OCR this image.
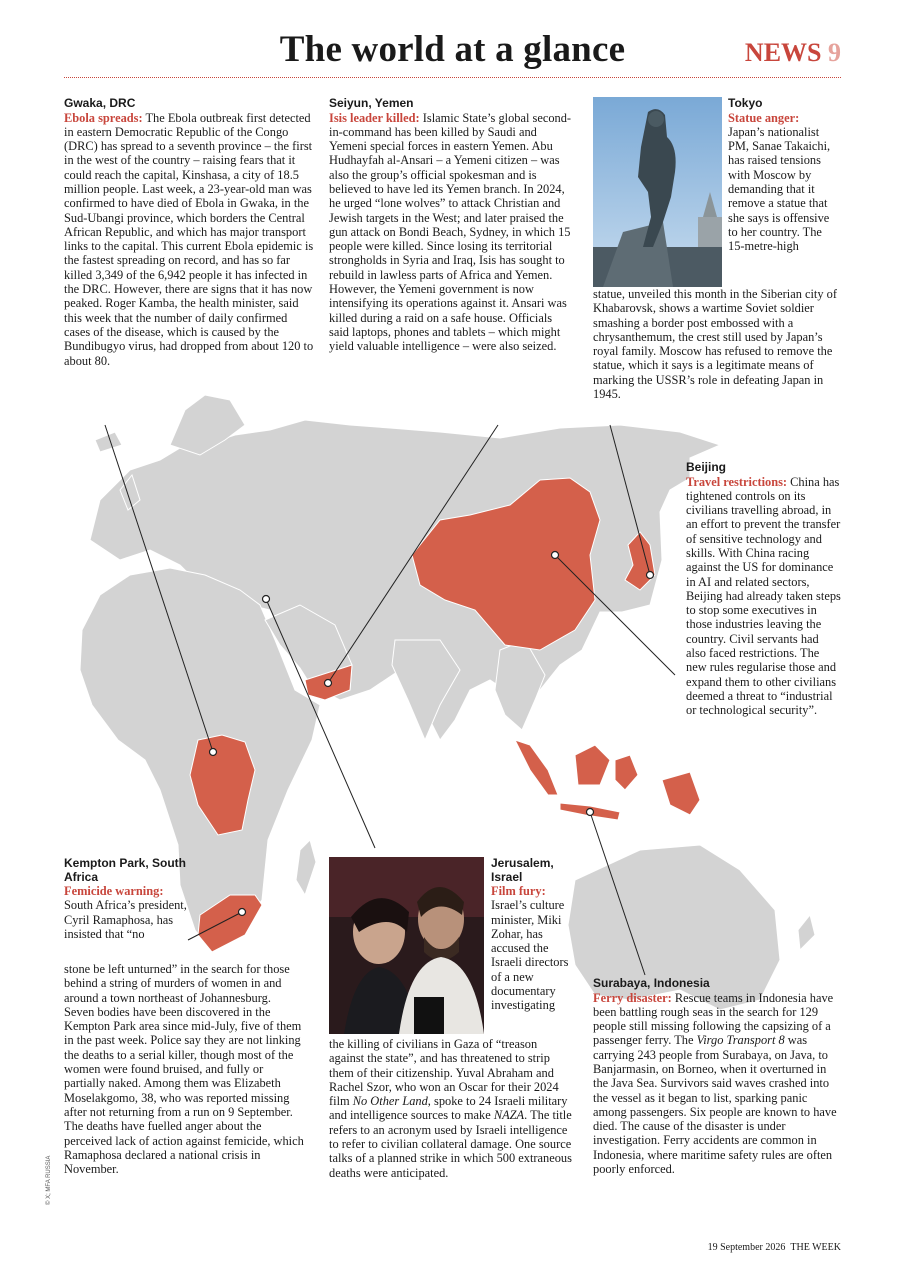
The world at a glance	NEWS 9
Gwaka, DRC
Ebola spreads: The Ebola outbreak first detected in eastern Democratic Republic of the Congo (DRC) has spread to a seventh province – the first in the west of the country – raising fears that it could reach the capital, Kinshasa, a city of 18.5 million people. Last week, a 23-year-old man was confirmed to have died of Ebola in Gwaka, in the Sud-Ubangi province, which borders the Central African Republic, and which has major transport links to the capital. This current Ebola epidemic is the fastest spreading on record, and has so far killed 3,349 of the 6,942 people it has infected in the DRC. However, there are signs that it has now peaked. Roger Kamba, the health minister, said this week that the number of daily confirmed cases of the disease, which is caused by the Bundibugyo virus, had dropped from about 120 to about 80.
Seiyun, Yemen
Isis leader killed: Islamic State’s global second-in-command has been killed by Saudi and Yemeni special forces in eastern Yemen. Abu Hudhayfah al-Ansari – a Yemeni citizen – was also the group’s official spokesman and is believed to have led its Yemen branch. In 2024, he urged “lone wolves” to attack Christian and Jewish targets in the West; and later praised the gun attack on Bondi Beach, Sydney, in which 15 people were killed. Since losing its territorial strongholds in Syria and Iraq, Isis has sought to rebuild in lawless parts of Africa and Yemen. However, the Yemeni government is now intensifying its operations against it. Ansari was killed during a raid on a safe house. Officials said laptops, phones and tablets – which might yield valuable intelligence – were also seized.
Tokyo
Statue anger:
Japan’s nationalist PM, Sanae Takaichi, has raised tensions with Moscow by demanding that it remove a statue that she says is offensive to her country. The 15-metre-high
statue, unveiled this month in the Siberian city of Khabarovsk, shows a wartime Soviet soldier smashing a border post embossed with a chrysanthemum, the crest still used by Japan’s royal family. Moscow has refused to remove the statue, which it says is a legitimate means of marking the USSR’s role in defeating Japan in 1945.
Beijing
Travel restrictions: China has tightened controls on its civilians travelling abroad, in an effort to prevent the transfer of sensitive technology and skills. With China racing against the US for dominance in AI and related sectors, Beijing had already taken steps to stop some executives in those industries leaving the country. Civil servants had also faced restrictions. The new rules regularise those and expand them to other civilians deemed a threat to “industrial or technological security”.
Kempton Park, South Africa
Femicide warning:
South Africa’s president, Cyril Ramaphosa, has insisted that “no
stone be left unturned” in the search for those behind a string of murders of women in and around a town northeast of Johannesburg. Seven bodies have been discovered in the Kempton Park area since mid-July, five of them in the past week. Police say they are not linking the deaths to a serial killer, though most of the women were found bruised, and fully or partially naked. Among them was Elizabeth Moselakgomo, 38, who was reported missing after not returning from a run on 9 September. The deaths have fuelled anger about the perceived lack of action against femicide, which Ramaphosa declared a national crisis in November.
Jerusalem, Israel
Film fury:
Israel’s culture minister, Miki Zohar, has accused the Israeli directors of a new documentary investigating
the killing of civilians in Gaza of “treason against the state”, and has threatened to strip them of their citizenship. Yuval Abraham and Rachel Szor, who won an Oscar for their 2024 film No Other Land, spoke to 24 Israeli military and intelligence sources to make NAZA. The title refers to an acronym used by Israeli intelligence to refer to civilian collateral damage. One source talks of a planned strike in which 500 extraneous deaths were anticipated.
Surabaya, Indonesia
Ferry disaster: Rescue teams in Indonesia have been battling rough seas in the search for 129 people still missing following the capsizing of a passenger ferry. The Virgo Transport 8 was carrying 243 people from Surabaya, on Java, to Banjarmasin, on Borneo, when it overturned in the Java Sea. Survivors said waves crashed into the vessel as it began to list, sparking panic among passengers. Six people are known to have died. The cause of the disaster is under investigation. Ferry accidents are common in Indonesia, where maritime safety rules are often poorly enforced.
© X; MFA RUSSIA
19 September 2026 THE WEEK
